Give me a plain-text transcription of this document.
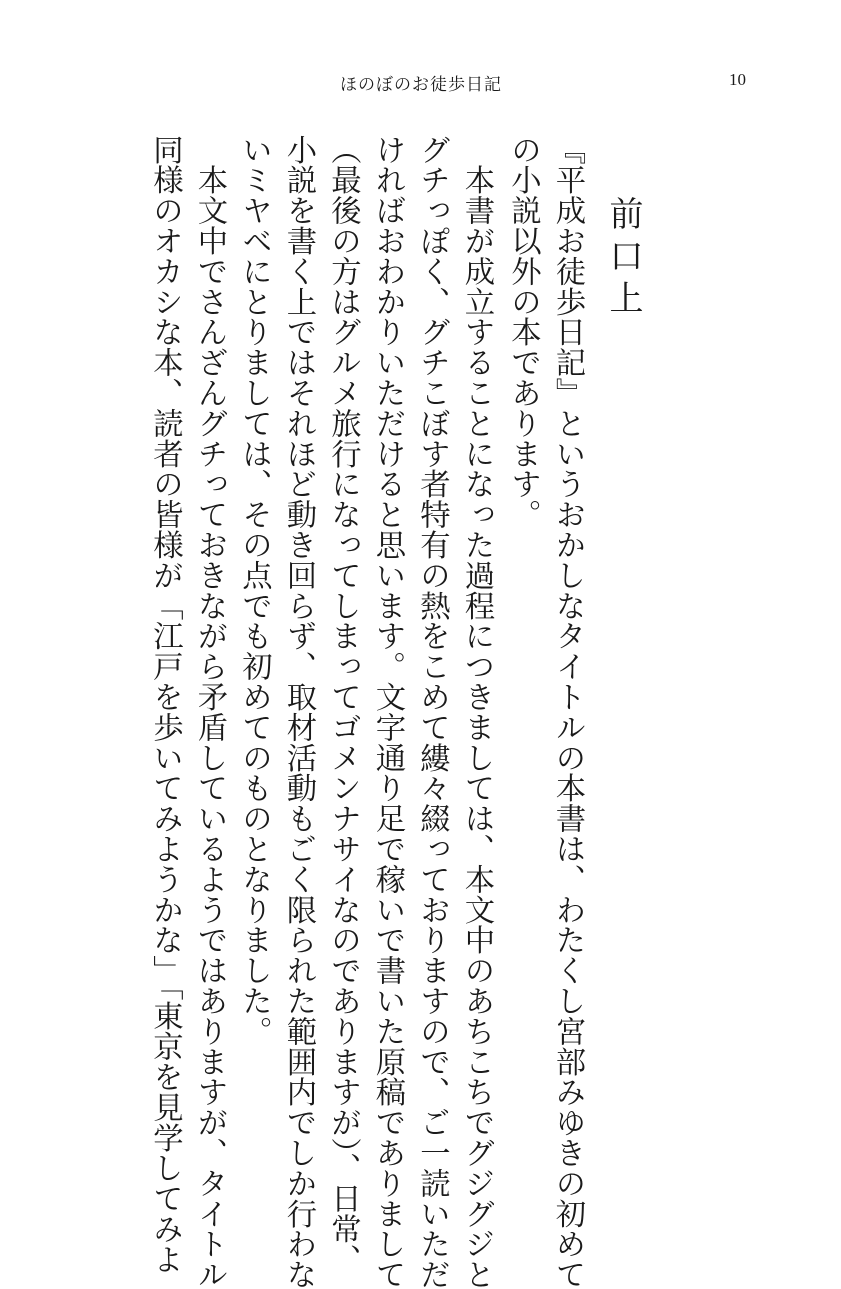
ほのぼのお徒歩日記	10
前口上
『平成お徒歩日記』というおかしなタイトルの本書は、わたくし宮部みゆきの初めて
の小説以外の本であります。
　本書が成立することになった過程につきましては、本文中のあちこちでグジグジと
グチっぽく、グチこぼす者特有の熱をこめて縷々綴っておりますので、ご一読いただ
ければおわかりいただけると思います。文字通り足で稼いで書いた原稿でありまして
（最後の方はグルメ旅行になってしまってゴメンナサイなのでありますが）、日常、
小説を書く上ではそれほど動き回らず、取材活動もごく限られた範囲内でしか行わな
いミヤベにとりましては、その点でも初めてのものとなりました。
　本文中でさんざんグチっておきながら矛盾しているようではありますが、タイトル
同様のオカシな本、読者の皆様が「江戸を歩いてみようかな」「東京を見学してみよ
